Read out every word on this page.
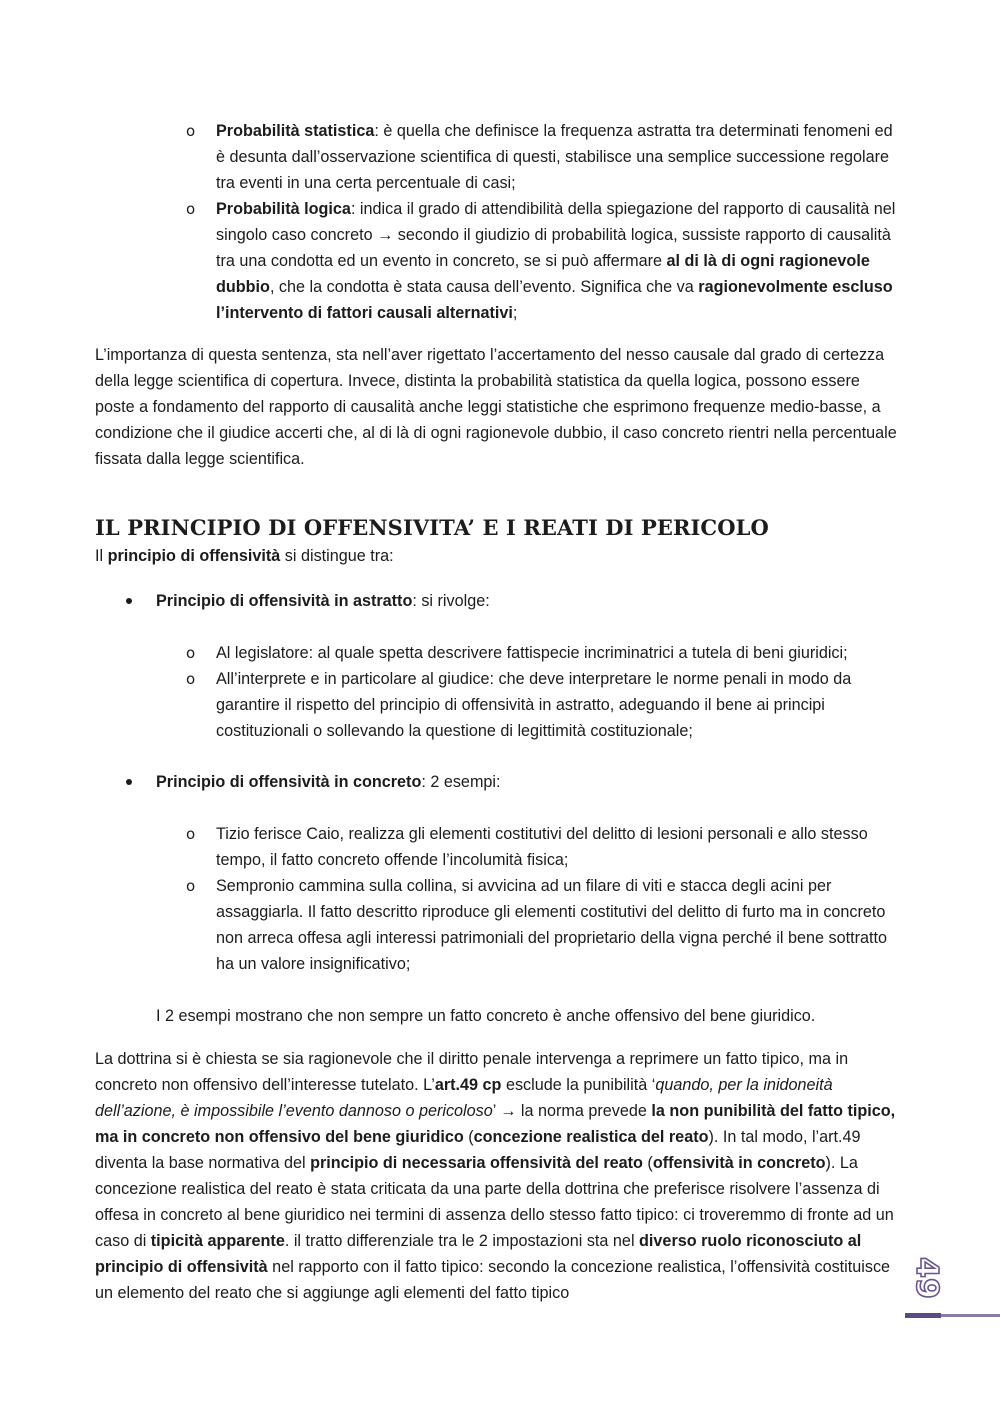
o Probabilità statistica: è quella che definisce la frequenza astratta tra determinati fenomeni ed è desunta dall’osservazione scientifica di questi, stabilisce una semplice successione regolare tra eventi in una certa percentuale di casi;
o Probabilità logica: indica il grado di attendibilità della spiegazione del rapporto di causalità nel singolo caso concreto → secondo il giudizio di probabilità logica, sussiste rapporto di causalità tra una condotta ed un evento in concreto, se si può affermare al di là di ogni ragionevole dubbio, che la condotta è stata causa dell’evento. Significa che va ragionevolmente escluso l’intervento di fattori causali alternativi;

L’importanza di questa sentenza, sta nell’aver rigettato l’accertamento del nesso causale dal grado di certezza della legge scientifica di copertura. Invece, distinta la probabilità statistica da quella logica, possono essere poste a fondamento del rapporto di causalità anche leggi statistiche che esprimono frequenze medio-basse, a condizione che il giudice accerti che, al di là di ogni ragionevole dubbio, il caso concreto rientri nella percentuale fissata dalla legge scientifica.

IL PRINCIPIO DI OFFENSIVITA’ E I REATI DI PERICOLO

Il principio di offensività si distingue tra:

Principio di offensività in astratto: si rivolge:

o Al legislatore: al quale spetta descrivere fattispecie incriminatrici a tutela di beni giuridici;
o All’interprete e in particolare al giudice: che deve interpretare le norme penali in modo da garantire il rispetto del principio di offensività in astratto, adeguando il bene ai principi costituzionali o sollevando la questione di legittimità costituzionale;

Principio di offensività in concreto: 2 esempi:

o Tizio ferisce Caio, realizza gli elementi costitutivi del delitto di lesioni personali e allo stesso tempo, il fatto concreto offende l’incolumità fisica;
o Sempronio cammina sulla collina, si avvicina ad un filare di viti e stacca degli acini per assaggiarla. Il fatto descritto riproduce gli elementi costitutivi del delitto di furto ma in concreto non arreca offesa agli interessi patrimoniali del proprietario della vigna perché il bene sottratto ha un valore insignificativo;

I 2 esempi mostrano che non sempre un fatto concreto è anche offensivo del bene giuridico.

La dottrina si è chiesta se sia ragionevole che il diritto penale intervenga a reprimere un fatto tipico, ma in concreto non offensivo dell’interesse tutelato. L’art.49 cp esclude la punibilità ‘quando, per la inidoneità dell’azione, è impossibile l’evento dannoso o pericoloso’ → la norma prevede la non punibilità del fatto tipico, ma in concreto non offensivo del bene giuridico (concezione realistica del reato). In tal modo, l’art.49 diventa la base normativa del principio di necessaria offensività del reato (offensività in concreto). La concezione realistica del reato è stata criticata da una parte della dottrina che preferisce risolvere l’assenza di offesa in concreto al bene giuridico nei termini di assenza dello stesso fatto tipico: ci troveremmo di fronte ad un caso di tipicità apparente. il tratto differenziale tra le 2 impostazioni sta nel diverso ruolo riconosciuto al principio di offensività nel rapporto con il fatto tipico: secondo la concezione realistica, l’offensività costituisce un elemento del reato che si aggiunge agli elementi del fatto tipico	49
